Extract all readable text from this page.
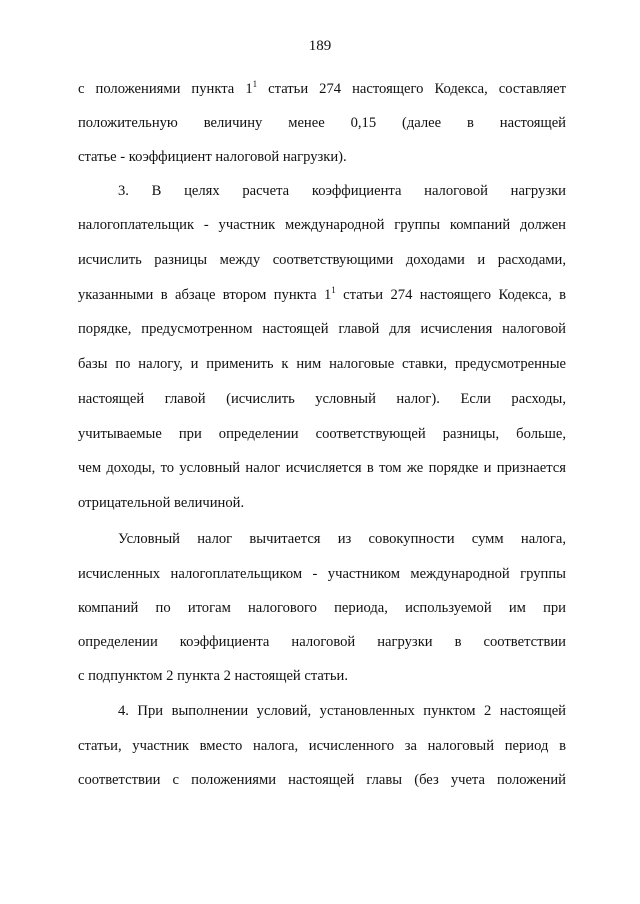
189
с положениями пункта $1^1$ статьи 274 настоящего Кодекса, составляет
положительную величину менее 0,15 (далее в настоящей
статье - коэффициент налоговой нагрузки).
3. В целях расчета коэффициента налоговой нагрузки
налогоплательщик - участник международной группы компаний должен
исчислить разницы между соответствующими доходами и расходами,
указанными в абзаце втором пункта $1^1$ статьи 274 настоящего Кодекса, в
порядке, предусмотренном настоящей главой для исчисления налоговой
базы по налогу, и применить к ним налоговые ставки, предусмотренные
настоящей главой (исчислить условный налог). Если расходы,
учитываемые при определении соответствующей разницы, больше,
чем доходы, то условный налог исчисляется в том же порядке и признается
отрицательной величиной.
Условный налог вычитается из совокупности сумм налога,
исчисленных налогоплательщиком - участником международной группы
компаний по итогам налогового периода, используемой им при
определении коэффициента налоговой нагрузки в соответствии
с подпунктом 2 пункта 2 настоящей статьи.
4. При выполнении условий, установленных пунктом 2 настоящей
статьи, участник вместо налога, исчисленного за налоговый период в
соответствии с положениями настоящей главы (без учета положений
